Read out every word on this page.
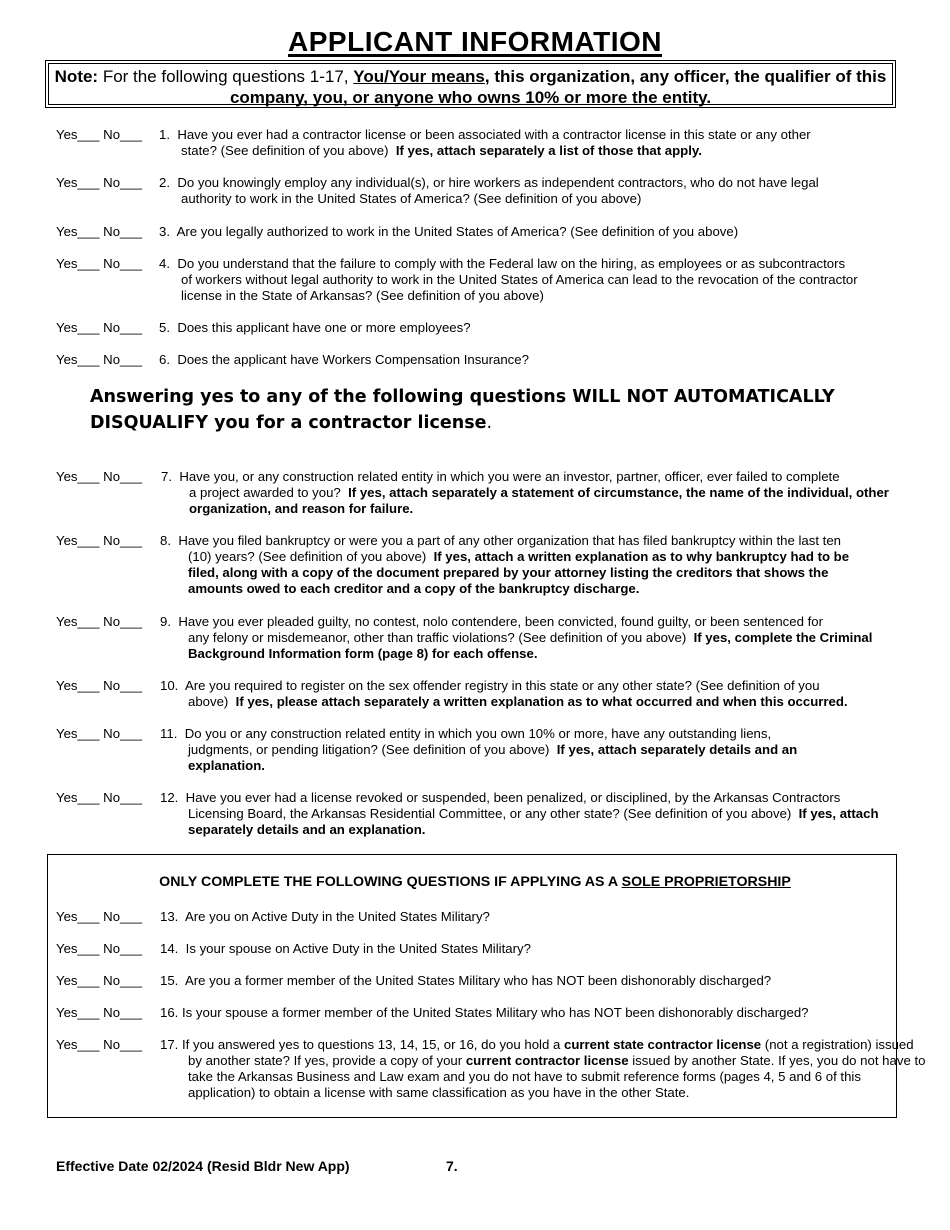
APPLICANT INFORMATION
Note: For the following questions 1-17, You/Your means, this organization, any officer, the qualifier of this company, you, or anyone who owns 10% or more the entity.
Yes___ No___ 1. Have you ever had a contractor license or been associated with a contractor license in this state or any other
state? (See definition of you above) If yes, attach separately a list of those that apply.
Yes___ No___ 2. Do you knowingly employ any individual(s), or hire workers as independent contractors, who do not have legal
authority to work in the United States of America? (See definition of you above)
Yes___ No___ 3. Are you legally authorized to work in the United States of America? (See definition of you above)
Yes___ No___ 4. Do you understand that the failure to comply with the Federal law on the hiring, as employees or as subcontractors
of workers without legal authority to work in the United States of America can lead to the revocation of the contractor license in the State of Arkansas? (See definition of you above)
Yes___ No___ 5. Does this applicant have one or more employees?
Yes___ No___ 6. Does the applicant have Workers Compensation Insurance?
Answering yes to any of the following questions WILL NOT AUTOMATICALLY DISQUALIFY you for a contractor license.
Yes___ No___ 7. Have you, or any construction related entity in which you were an investor, partner, officer, ever failed to complete
a project awarded to you? If yes, attach separately a statement of circumstance, the name of the individual, other organization, and reason for failure.
Yes___ No___ 8. Have you filed bankruptcy or were you a part of any other organization that has filed bankruptcy within the last ten
(10) years? (See definition of you above) If yes, attach a written explanation as to why bankruptcy had to be filed, along with a copy of the document prepared by your attorney listing the creditors that shows the amounts owed to each creditor and a copy of the bankruptcy discharge.
Yes___ No___ 9. Have you ever pleaded guilty, no contest, nolo contendere, been convicted, found guilty, or been sentenced for
any felony or misdemeanor, other than traffic violations? (See definition of you above) If yes, complete the Criminal Background Information form (page 8) for each offense.
Yes___ No___ 10. Are you required to register on the sex offender registry in this state or any other state? (See definition of you
above) If yes, please attach separately a written explanation as to what occurred and when this occurred.
Yes___ No___ 11. Do you or any construction related entity in which you own 10% or more, have any outstanding liens,
judgments, or pending litigation? (See definition of you above) If yes, attach separately details and an explanation.
Yes___ No___ 12. Have you ever had a license revoked or suspended, been penalized, or disciplined, by the Arkansas Contractors
Licensing Board, the Arkansas Residential Committee, or any other state? (See definition of you above) If yes, attach separately details and an explanation.
ONLY COMPLETE THE FOLLOWING QUESTIONS IF APPLYING AS A SOLE PROPRIETORSHIP
Yes___ No___ 13. Are you on Active Duty in the United States Military?
Yes___ No___ 14.  Is your spouse on Active Duty in the United States Military?
Yes___ No___ 15.  Are you a former member of the United States Military who has NOT been dishonorably discharged?
Yes___ No___ 16. Is your spouse a former member of the United States Military who has NOT been dishonorably discharged?
Yes___ No___ 17. If you answered yes to questions 13, 14, 15, or 16, do you hold a current state contractor license (not a registration) issued by another state? If yes, provide a copy of your current contractor license issued by another State. If yes, you do not have to take the Arkansas Business and Law exam and you do not have to submit reference forms (pages 4, 5 and 6 of this application) to obtain a license with same classification as you have in the other State.
Effective Date 02/2024 (Resid Bldr New App)	7.
